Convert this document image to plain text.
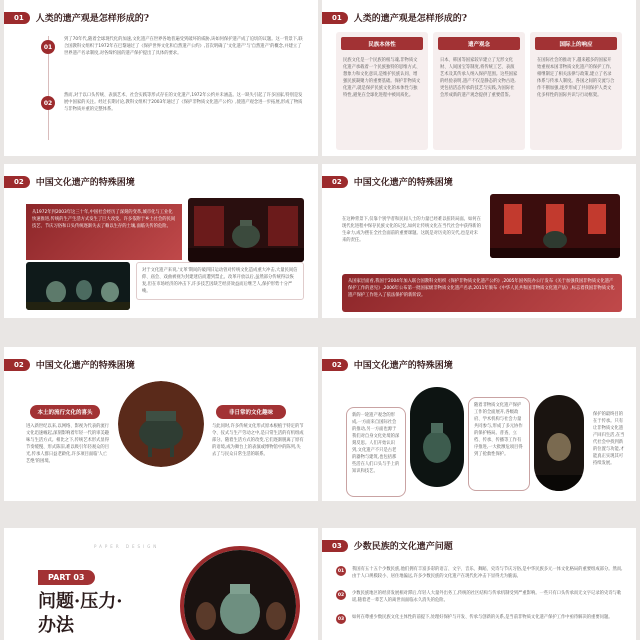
01	人类的遗产观是怎样形成的?
01
到了70年代,随着全球现代化的加速,文化遗产在世界各地普遍受到破坏的威胁,该如何保护遗产成了迫切的议题。这一背景下,联合国教科文组织于1972年在巴黎通过了《保护世界文化和自然遗产公约》,首次明确了'文化遗产'与'自然遗产'的概念,并建立了世界遗产名录制度,对各缔约国的遗产保护提出了具体的要求。
02
然而,对于以口头传统、表演艺术、社会实践等形式存在的文化遗产,1972年公约并未涵盖。这一缺失引起了许多国家,特别是发展中国家的关注。经过长期讨论,教科文组织于2003年通过了《保护非物质文化遗产公约》,使遗产观念进一步拓展,形成了物质与非物质并重的完整体系。
01	人类的遗产观是怎样形成的?
民族本体性
民族文化是一个民族的根与魂,非物质文化遗产承载着一个民族独特的思维方式、想象力和文化意识,是维护民族认同、增强民族凝聚力的重要基础。保护非物质文化遗产,就是保护民族文化的本体性与独特性,避免在全球化进程中被同质化。
遗产观念
日本、韩国等国家较早建立了无形文化财、人间国宝等制度,将传统工艺、表演艺术及其传承人纳入保护范围。这些国家的经验表明,遗产不仅是静态的文物古迹,更包括活态传承的技艺与实践,为国际社会形成新的遗产观念提供了重要借鉴。
国际上的响应
在国际社会的推动下,越来越多的国家开始重视本国非物质文化遗产的保护工作,相继制定了相关法律与政策,建立了名录体系与传承人制度。各国之间的交流与合作不断加强,逐步形成了共同保护人类文化多样性的国际共识与行动框架。
02	中国文化遗产的特殊困境
从1972年到2003年这三十年,中国社会经历了深刻的变革,城市化与工业化快速推进,传统的生产生活方式发生了巨大改变。许多依附于乡土社会的民间技艺、节庆习俗和口头传统逐渐失去了赖以生存的土壤,面临失传的危险。
对于文化遗产来说,'文革'期间的破四旧运动曾对传统文化造成重大冲击,大量民间信仰、庙会、戏曲被视为封建迷信而遭到禁止。改革开放以后,虽然部分传统得以恢复,但在市场经济的冲击下,许多技艺因缺乏经济效益而后继乏人,保护形势十分严峻。
02	中国文化遗产的特殊困境
在这种背景下,仅靠个别学者和民间人士的力量已经难以扭转局面。如何在现代化进程中保存民族文化的记忆,如何让传统文化在当代社会中获得新的生命力,成为摆在全社会面前的重要课题。这既是对历史的交代,也是对未来的责任。
从国家层面看,我国于2004年加入联合国教科文组织《保护非物质文化遗产公约》,2005年国务院办公厅发布《关于加强我国非物质文化遗产保护工作的意见》,2006年公布第一批国家级非物质文化遗产名录,2011年颁布《中华人民共和国非物质文化遗产法》,标志着我国非物质文化遗产保护工作进入了依法保护的新阶段。
02	中国文化遗产的特殊困境
本土的流行文化的喜头
进入新世纪以来,以网络、影视为代表的流行文化迅速崛起,深刻影响着年轻一代的审美趣味与生活方式。相比之下,传统艺术形式显得节奏缓慢、形式陈旧,难以吸引年轻观众的目光,传承人群日益老龄化,许多项目面临'人亡艺绝'的困境。
非日常的文化趣味
与此同时,许多传统文化形式原本根植于特定的节令、仪式与生产劳动之中,是日常生活的有机组成部分。随着生活方式的改变,它们逐渐脱离了原有的语境,成为舞台上的表演或博物馆中的陈列,失去了与民众日常生活的联系。
02	中国文化遗产的特殊困境
新的一轮遗产观念的形成,一方面来自国际社会的推动,另一方面也源于我们对自身文化处境的深刻反思。人们开始认识到,文化遗产不只是古老的器物与建筑,也包括那些活在人们口头与手上的知识和技艺。
随着非物质文化遗产保护工作的全面展开,各级政府、学术机构与社会力量共同参与,形成了多元协作的保护格局。普查、立档、传承、传播等工作有序推进,一大批濒危项目得到了抢救性保护。
保护的最终目的在于传承。只有让非物质文化遗产回归生活,在当代社会中找到新的位置与功能,才能真正实现其可持续发展。
PAPER DESIGN
PART 03
问题·压力·
办法
03	少数民族的文化遗产问题
01	我国有五十五个少数民族,他们拥有丰富多彩的语言、文字、音乐、舞蹈、史诗与节庆习俗,是中华民族多元一体文化格局的重要组成部分。然而,由于人口规模较小、居住地偏远,许多少数民族的文化遗产在现代化冲击下显得尤为脆弱。
02	少数民族地区的经济发展相对滞后,年轻人大量外出务工,传统的社区结构与传承机制受到严重影响。一些只有口头传承而无文字记录的史诗与歌谣,随着老一辈艺人的离世而面临永久消失的危险。
03	如何在尊重少数民族文化主体性的前提下,处理好保护与开发、传承与创新的关系,是当前非物质文化遗产保护工作中亟待解决的重要问题。
